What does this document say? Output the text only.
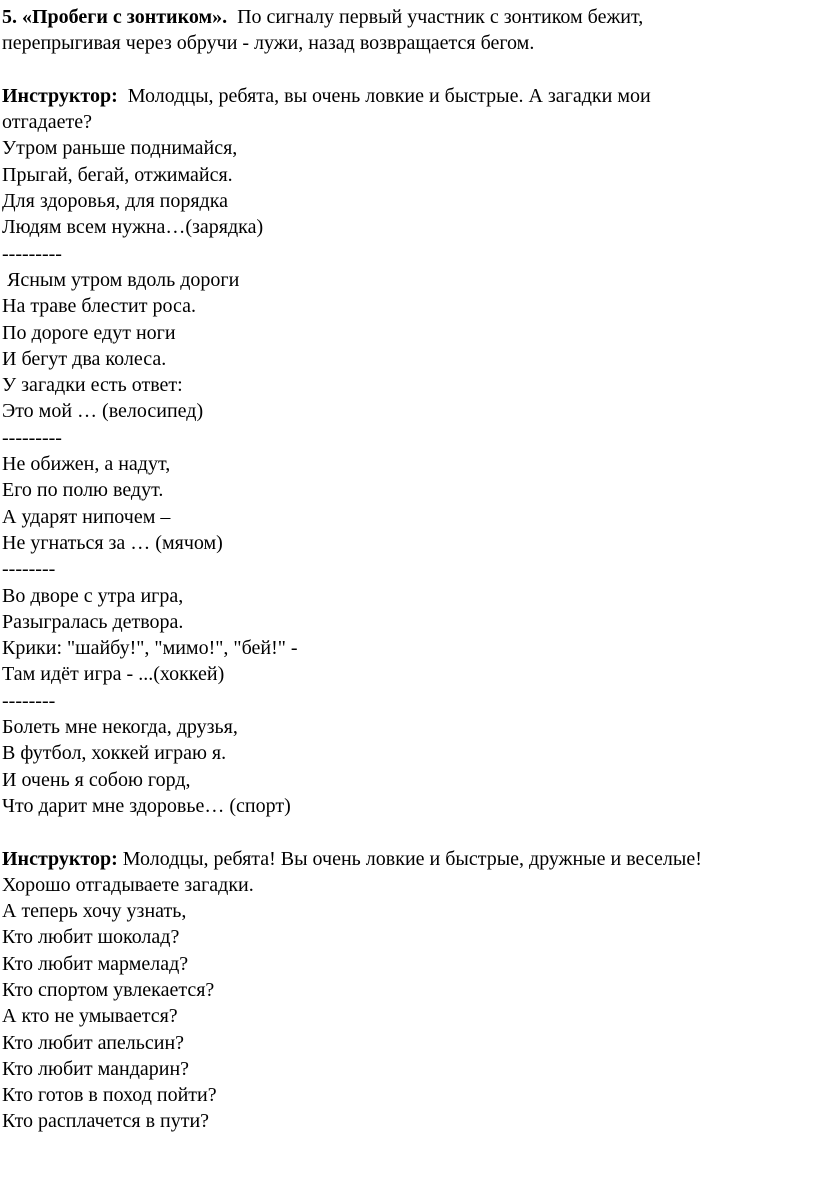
5. «Пробеги с зонтиком».  По сигналу первый участник с зонтиком бежит,

перепрыгивая через обручи - лужи, назад возвращается бегом.

Инструктор:  Молодцы, ребята, вы очень ловкие и быстрые. А загадки мои

отгадаете?

Утром раньше поднимайся,

Прыгай, бегай, отжимайся.

Для здоровья, для порядка

Людям всем нужна…(зарядка)

---------

Ясным утром вдоль дороги

На траве блестит роса.

По дороге едут ноги

И бегут два колеса.

У загадки есть ответ:

Это мой … (велосипед)

---------

Не обижен, а надут,

Его по полю ведут.

А ударят нипочем –

Не угнаться за … (мячом)

--------

Во дворе с утра игра,

Разыгралась детвора.

Крики: "шайбу!", "мимо!", "бей!" -

Там идёт игра - ...(хоккей)

--------

Болеть мне некогда, друзья,

В футбол, хоккей играю я.

И очень я собою горд,

Что дарит мне здоровье… (спорт)

Инструктор: Молодцы, ребята! Вы очень ловкие и быстрые, дружные и веселые!

Хорошо отгадываете загадки.

А теперь хочу узнать,

Кто любит шоколад?

Кто любит мармелад?

Кто спортом увлекается?

А кто не умывается?

Кто любит апельсин?

Кто любит мандарин?

Кто готов в поход пойти?

Кто расплачется в пути?
